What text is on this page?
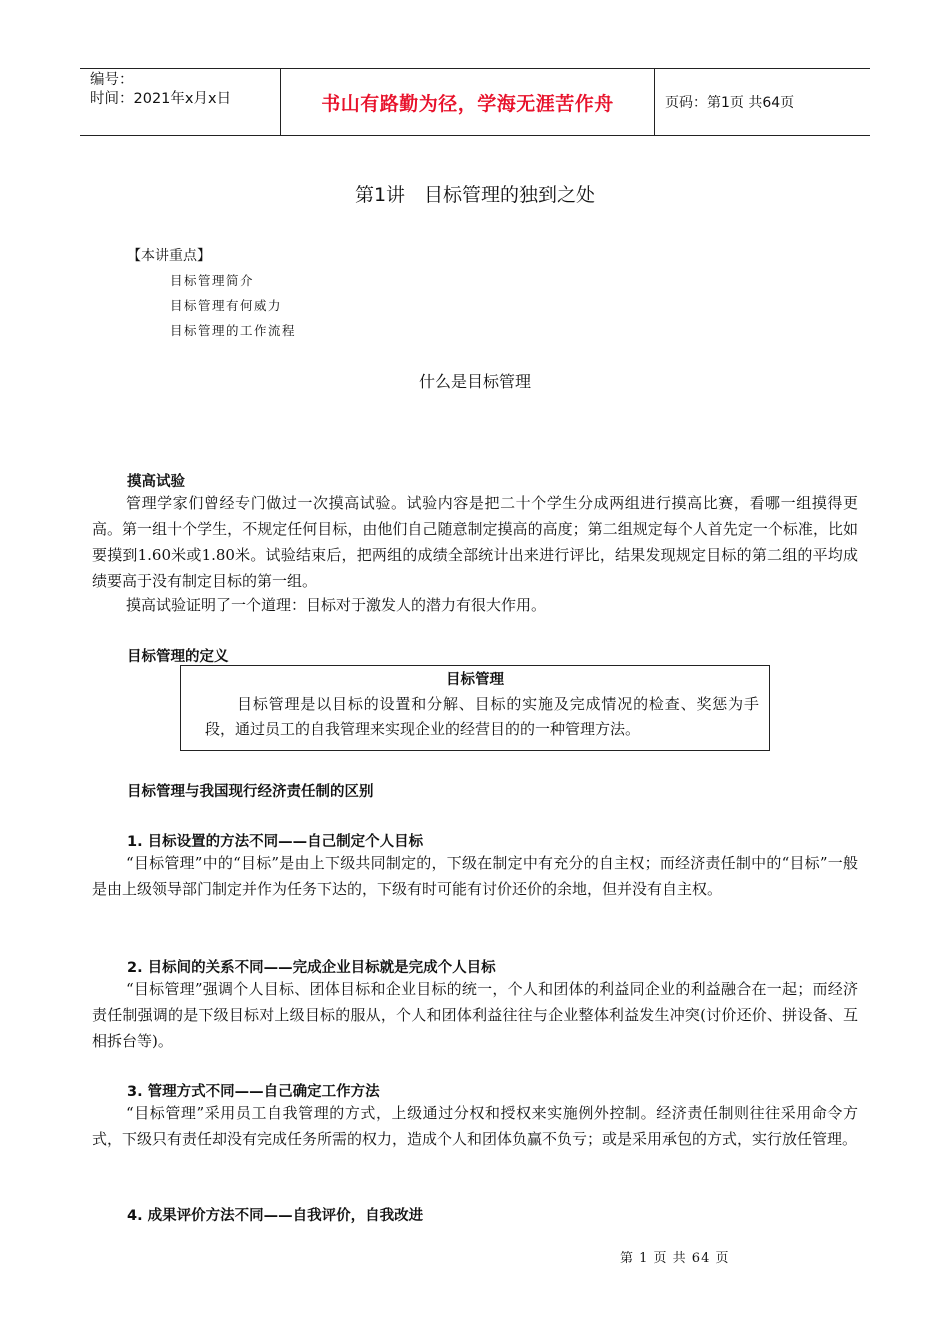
编号：
时间：2021年x月x日	书山有路勤为径，学海无涯苦作舟	页码：第1页 共64页
第1讲　目标管理的独到之处
【本讲重点】
目标管理简介
目标管理有何威力
目标管理的工作流程
什么是目标管理
摸高试验

管理学家们曾经专门做过一次摸高试验。试验内容是把二十个学生分成两组进行摸高比赛，看哪一组摸得更高。第一组十个学生，不规定任何目标，由他们自己随意制定摸高的高度；第二组规定每个人首先定一个标准，比如要摸到1.60米或1.80米。试验结束后，把两组的成绩全部统计出来进行评比，结果发现规定目标的第二组的平均成绩要高于没有制定目标的第一组。

摸高试验证明了一个道理：目标对于激发人的潜力有很大作用。

目标管理的定义
目标管理
目标管理是以目标的设置和分解、目标的实施及完成情况的检查、奖惩为手段，通过员工的自我管理来实现企业的经营目的的一种管理方法。
目标管理与我国现行经济责任制的区别
1. 目标设置的方法不同——自己制定个人目标

“目标管理”中的“目标”是由上下级共同制定的，下级在制定中有充分的自主权；而经济责任制中的“目标”一般是由上级领导部门制定并作为任务下达的，下级有时可能有讨价还价的余地，但并没有自主权。

2. 目标间的关系不同——完成企业目标就是完成个人目标

“目标管理”强调个人目标、团体目标和企业目标的统一，个人和团体的利益同企业的利益融合在一起；而经济责任制强调的是下级目标对上级目标的服从，个人和团体利益往往与企业整体利益发生冲突(讨价还价、拼设备、互相拆台等)。

3. 管理方式不同——自己确定工作方法

“目标管理”采用员工自我管理的方式，上级通过分权和授权来实施例外控制。经济责任制则往往采用命令方式，下级只有责任却没有完成任务所需的权力，造成个人和团体负赢不负亏；或是采用承包的方式，实行放任管理。

4. 成果评价方法不同——自我评价，自我改进
第 1 页 共 64 页
